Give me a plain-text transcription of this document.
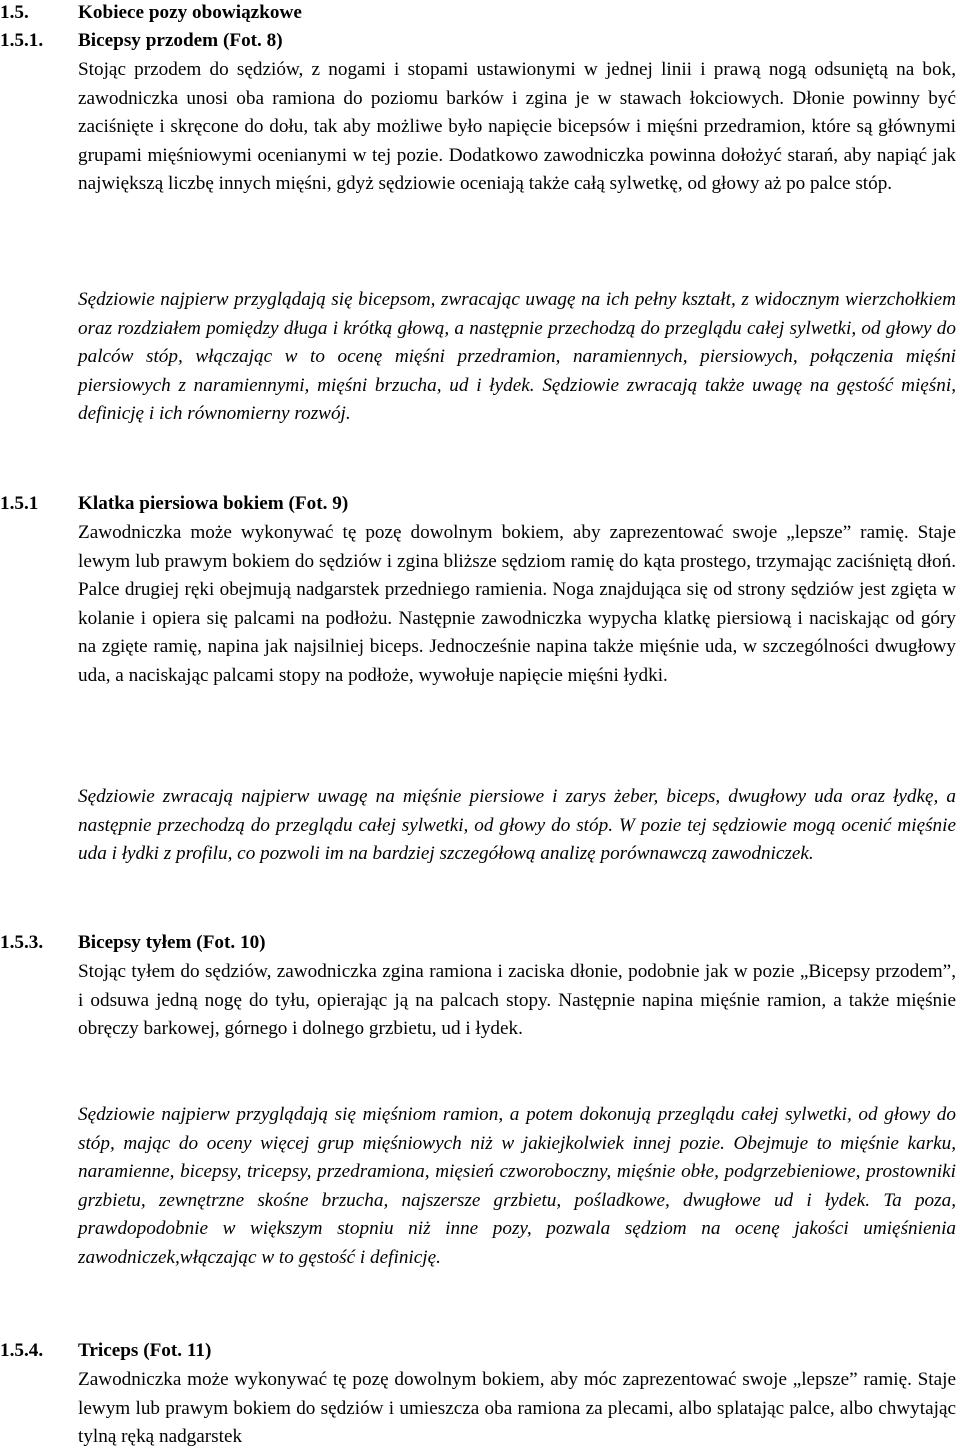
1.5.	Kobiece pozy obowiązkowe
1.5.1. Bicepsy przodem (Fot. 8)
Stojąc przodem do sędziów, z nogami i stopami ustawionymi w jednej linii i prawą nogą odsuniętą na bok, zawodniczka unosi oba ramiona do poziomu barków i zgina je w stawach łokciowych. Dłonie powinny być zaciśnięte i skręcone do dołu, tak aby możliwe było napięcie bicepsów i mięśni przedramion, które są głównymi grupami mięśniowymi ocenianymi w tej pozie. Dodatkowo zawodniczka powinna dołożyć starań, aby napiąć jak największą liczbę innych mięśni, gdyż sędziowie oceniają także całą sylwetkę, od głowy aż po palce stóp.
Sędziowie najpierw przyglądają się bicepsom, zwracając uwagę na ich pełny kształt, z widocznym wierzchołkiem oraz rozdziałem pomiędzy długa i krótką głową, a następnie przechodzą do przeglądu całej sylwetki, od głowy do palców stóp, włączając w to ocenę mięśni przedramion, naramiennych, piersiowych, połączenia mięśni piersiowych z naramiennymi, mięśni brzucha, ud i łydek. Sędziowie zwracają także uwagę na gęstość mięśni, definicję i ich równomierny rozwój.
1.5.1 Klatka piersiowa bokiem (Fot. 9)
Zawodniczka może wykonywać tę pozę dowolnym bokiem, aby zaprezentować swoje „lepsze” ramię. Staje lewym lub prawym bokiem do sędziów i zgina bliższe sędziom ramię do kąta prostego, trzymając zaciśniętą dłoń. Palce drugiej ręki obejmują nadgarstek przedniego ramienia. Noga znajdująca się od strony sędziów jest zgięta w kolanie i opiera się palcami na podłożu. Następnie zawodniczka wypycha klatkę piersiową i naciskając od góry na zgięte ramię, napina jak najsilniej biceps. Jednocześnie napina także mięśnie uda, w szczególności dwugłowy uda, a naciskając palcami stopy na podłoże, wywołuje napięcie mięśni łydki.
Sędziowie zwracają najpierw uwagę na mięśnie piersiowe i zarys żeber, biceps, dwugłowy uda oraz łydkę, a następnie przechodzą do przeglądu całej sylwetki, od głowy do stóp. W pozie tej sędziowie mogą ocenić mięśnie uda i łydki z profilu, co pozwoli im na bardziej szczegółową analizę porównawczą zawodniczek.
1.5.3. Bicepsy tyłem (Fot. 10)
Stojąc tyłem do sędziów, zawodniczka zgina ramiona i zaciska dłonie, podobnie jak w pozie „Bicepsy przodem”, i odsuwa jedną nogę do tyłu, opierając ją na palcach stopy. Następnie napina mięśnie ramion, a także mięśnie obręczy barkowej, górnego i dolnego grzbietu, ud i łydek.
Sędziowie najpierw przyglądają się mięśniom ramion, a potem dokonują przeglądu całej sylwetki, od głowy do stóp, mając do oceny więcej grup mięśniowych niż w jakiejkolwiek innej pozie. Obejmuje to mięśnie karku, naramienne, bicepsy, tricepsy, przedramiona, mięsień czworoboczny, mięśnie obłe, podgrzebieniowe, prostowniki grzbietu, zewnętrzne skośne brzucha, najszersze grzbietu, pośladkowe, dwugłowe ud i łydek. Ta poza, prawdopodobnie w większym stopniu niż inne pozy, pozwala sędziom na ocenę jakości umięśnienia zawodniczek,włączając w to gęstość i definicję.
1.5.4. Triceps (Fot. 11)
Zawodniczka może wykonywać tę pozę dowolnym bokiem, aby móc zaprezentować swoje „lepsze” ramię. Staje lewym lub prawym bokiem do sędziów i umieszcza oba ramiona za plecami, albo splatając palce, albo chwytając tylną ręką nadgarstek
